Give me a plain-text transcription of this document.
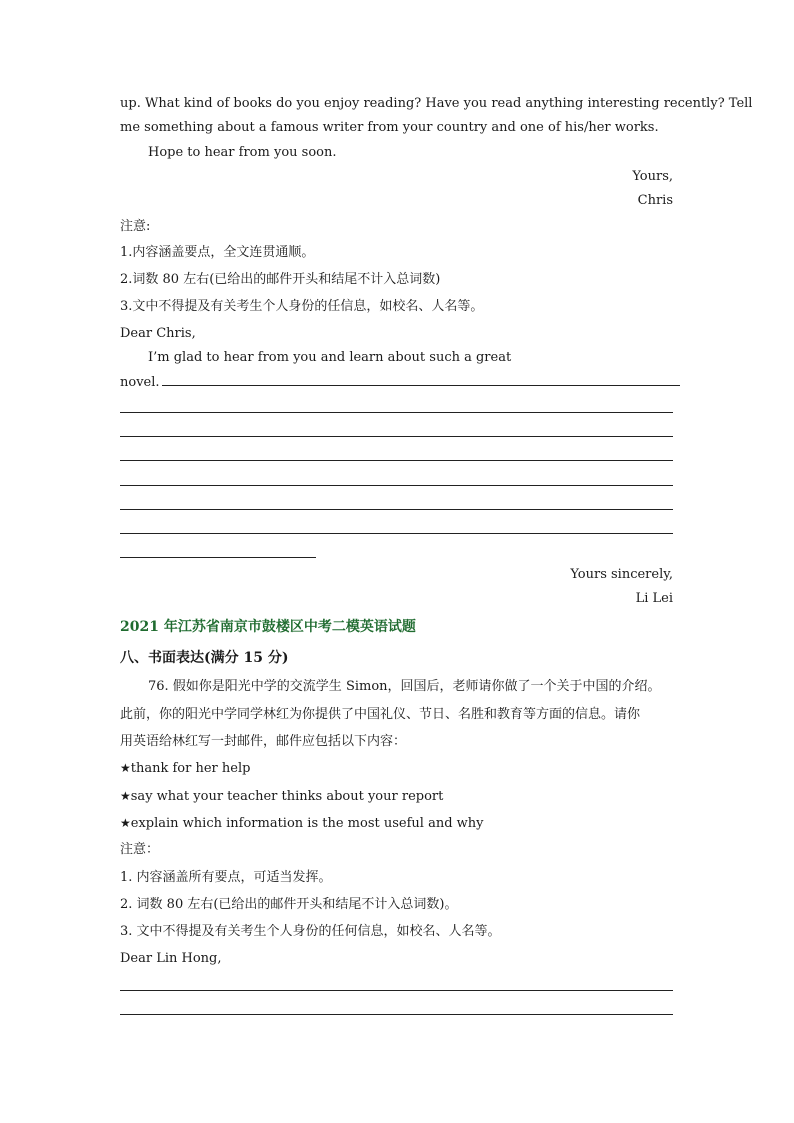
up. What kind of books do you enjoy reading? Have you read anything interesting recently? Tell
me something about a famous writer from your country and one of his/her works.
Hope to hear from you soon.
Yours,
Chris
注意:
1.内容涵盖要点，全文连贯通顺。
2.词数 80 左右(已给出的邮件开头和结尾不计入总词数)
3.文中不得提及有关考生个人身份的任信息，如校名、人名等。
Dear Chris,
I’m glad to hear from you and learn about such a great
novel.
Yours sincerely,
Li Lei
2021 年江苏省南京市鼓楼区中考二模英语试题
八、书面表达(满分 15 分)
76. 假如你是阳光中学的交流学生 Simon，回国后，老师请你做了一个关于中国的介绍。
此前，你的阳光中学同学林红为你提供了中国礼仪、节日、名胜和教育等方面的信息。请你
用英语给林红写一封邮件，邮件应包括以下内容：
★thank for her help
★say what your teacher thinks about your report
★explain which information is the most useful and why
注意：
1. 内容涵盖所有要点，可适当发挥。
2. 词数 80 左右(已给出的邮件开头和结尾不计入总词数)。
3. 文中不得提及有关考生个人身份的任何信息，如校名、人名等。
Dear Lin Hong,
